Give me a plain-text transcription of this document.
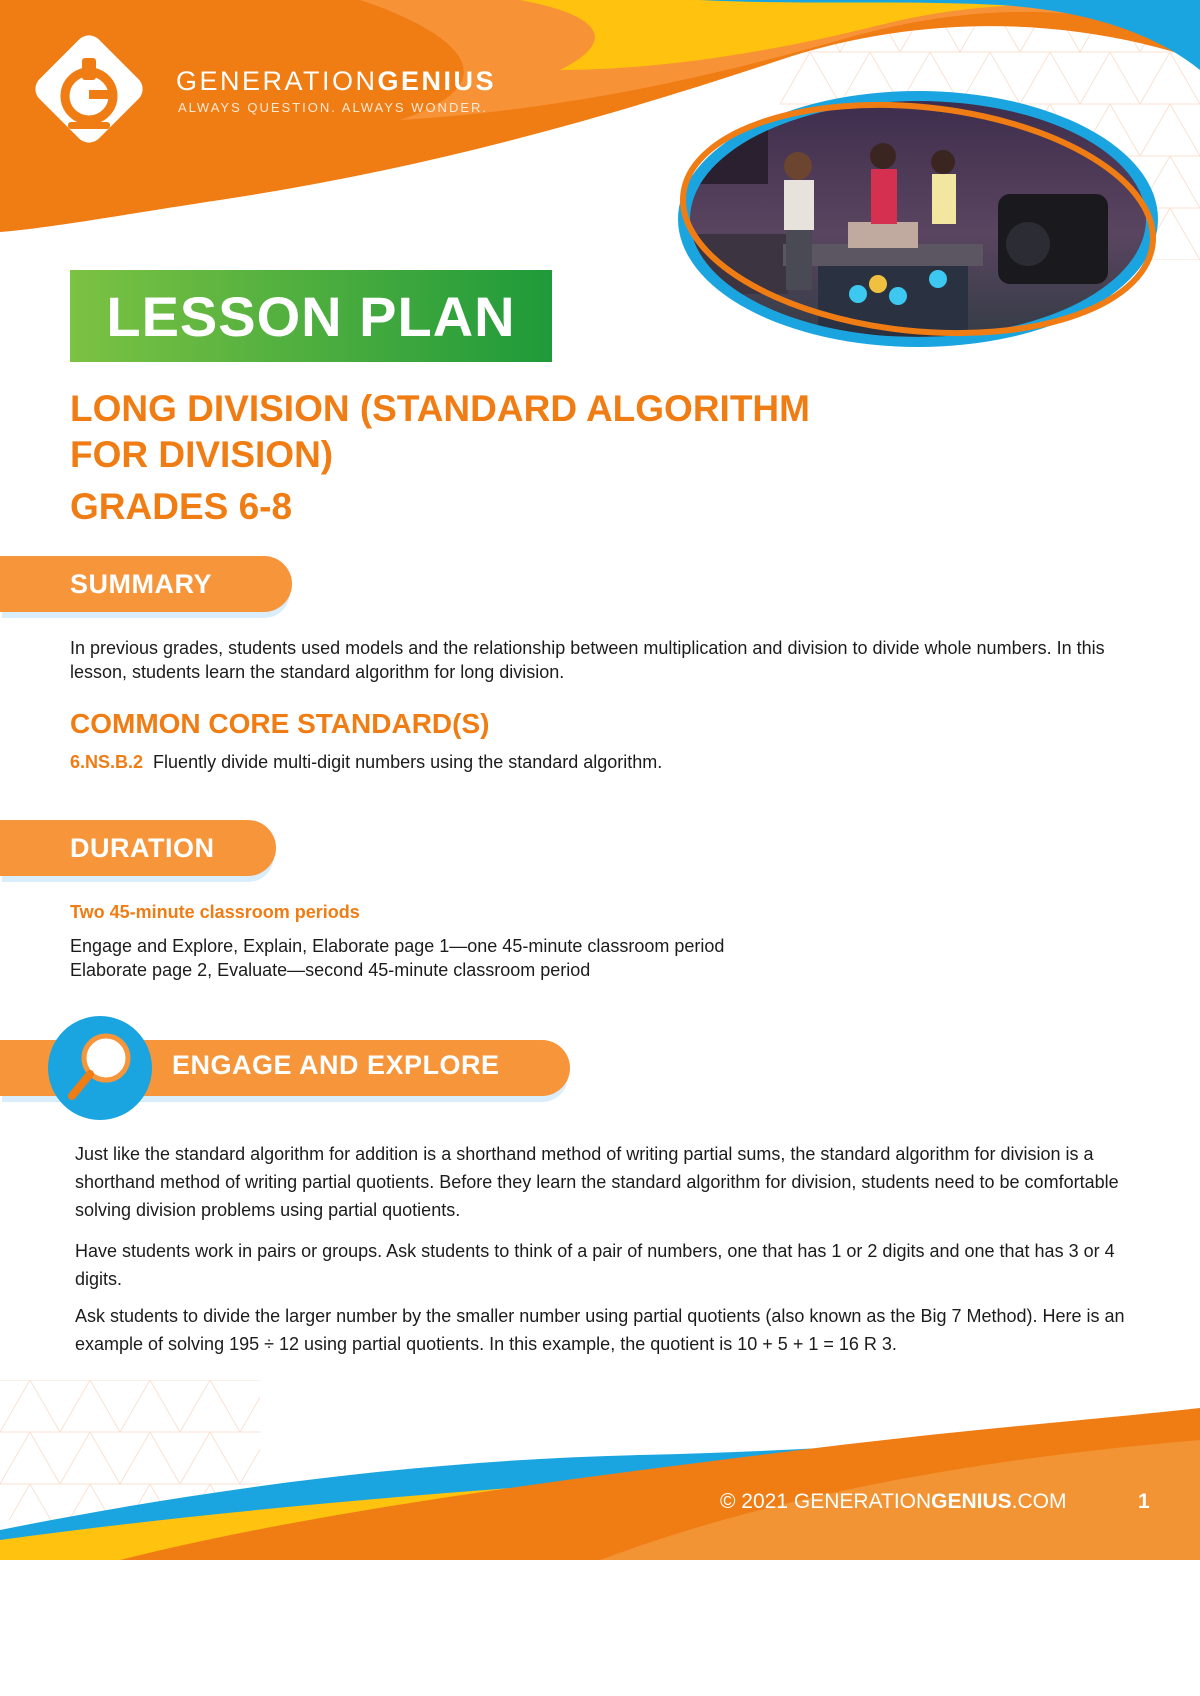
GENERATIONGENIUS
ALWAYS QUESTION. ALWAYS WONDER.
LESSON PLAN
LONG DIVISION (STANDARD ALGORITHM
FOR DIVISION)
GRADES 6-8
SUMMARY
In previous grades, students used models and the relationship between multiplication and division to divide whole numbers. In this lesson, students learn the standard algorithm for long division.
COMMON CORE STANDARD(S)
6.NS.B.2 Fluently divide multi-digit numbers using the standard algorithm.
DURATION
Two 45-minute classroom periods
Engage and Explore, Explain, Elaborate page 1—one 45-minute classroom period
Elaborate page 2, Evaluate—second 45-minute classroom period
ENGAGE AND EXPLORE
Just like the standard algorithm for addition is a shorthand method of writing partial sums, the standard algorithm for division is a shorthand method of writing partial quotients. Before they learn the standard algorithm for division, students need to be comfortable solving division problems using partial quotients.
Have students work in pairs or groups. Ask students to think of a pair of numbers, one that has 1 or 2 digits and one that has 3 or 4 digits.
Ask students to divide the larger number by the smaller number using partial quotients (also known as the Big 7 Method). Here is an example of solving 195 ÷ 12 using partial quotients. In this example, the quotient is 10 + 5 + 1 = 16 R 3.
© 2021 GENERATIONGENIUS.COM	1
